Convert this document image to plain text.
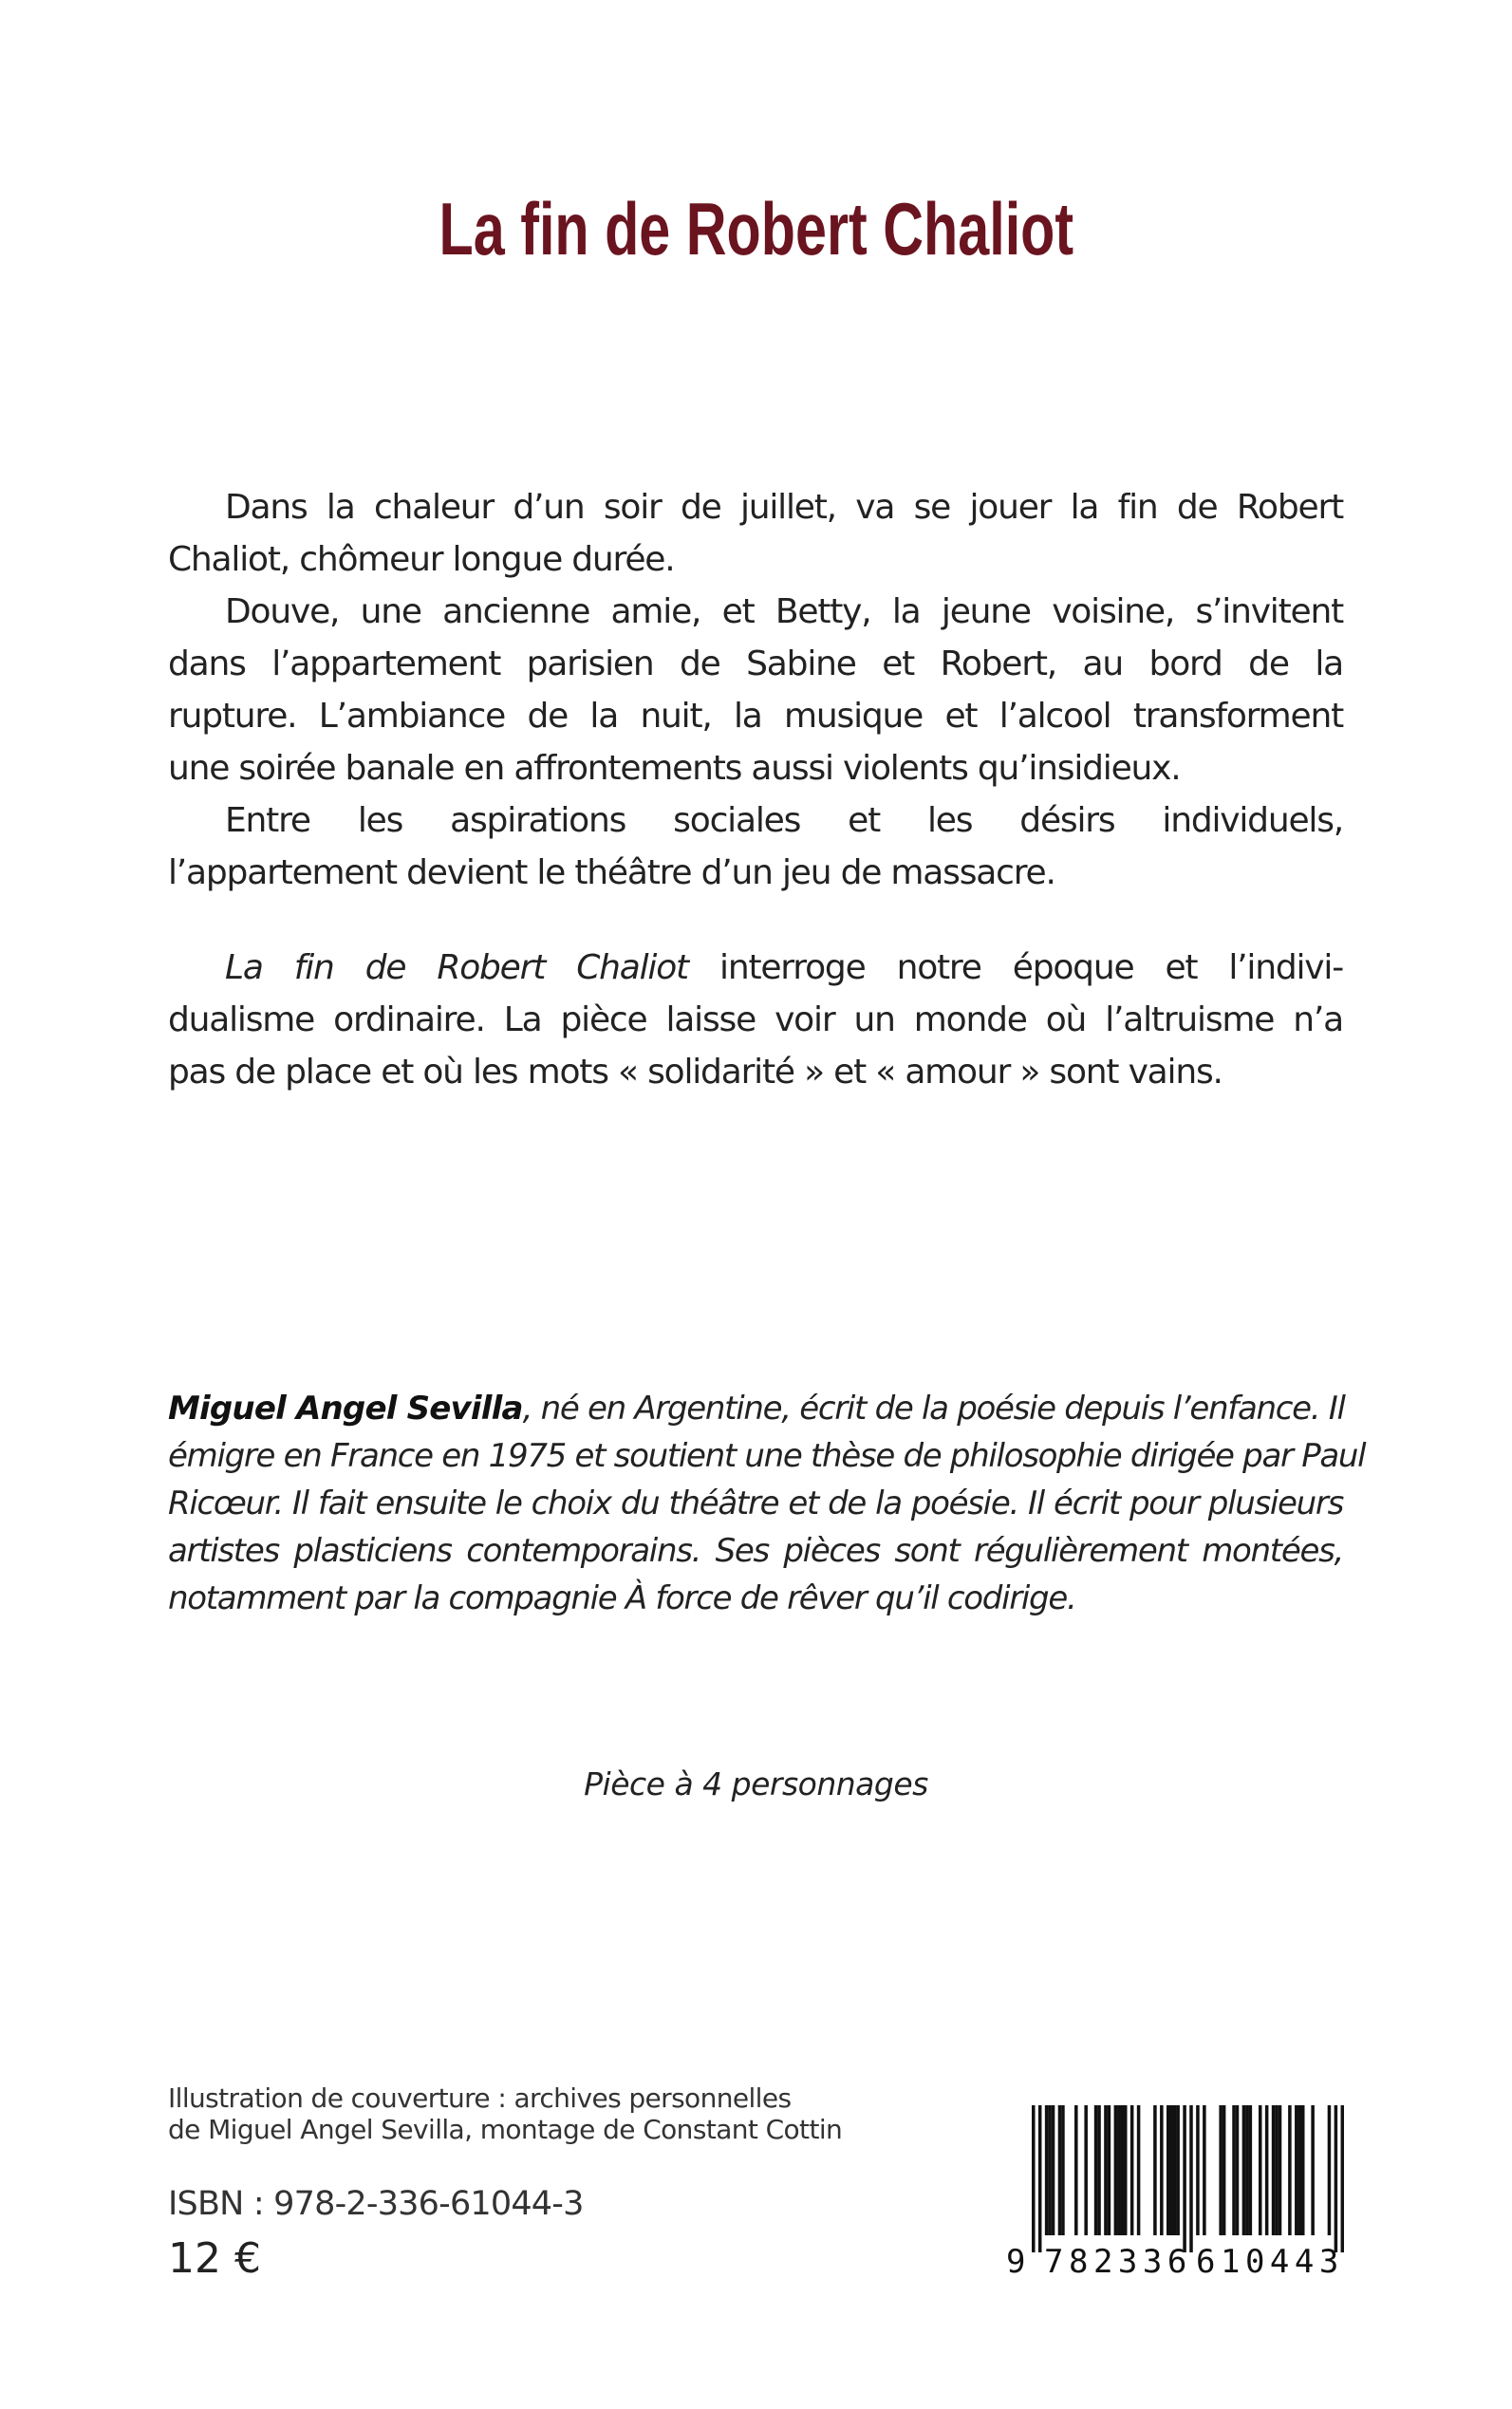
La fin de Robert Chaliot
Dans la chaleur d’un soir de juillet, va se jouer la fin de Robert
Chaliot, chômeur longue durée.
Douve, une ancienne amie, et Betty, la jeune voisine, s’invitent
dans l’appartement parisien de Sabine et Robert, au bord de la
rupture. L’ambiance de la nuit, la musique et l’alcool transforment
une soirée banale en affrontements aussi violents qu’insidieux.
Entre les aspirations sociales et les désirs individuels,
l’appartement devient le théâtre d’un jeu de massacre.
La fin de Robert Chaliot interroge notre époque et l’indivi-
dualisme ordinaire. La pièce laisse voir un monde où l’altruisme n’a
pas de place et où les mots « solidarité » et « amour » sont vains.
Miguel Angel Sevilla, né en Argentine, écrit de la poésie depuis l’enfance. Il
émigre en France en 1975 et soutient une thèse de philosophie dirigée par Paul
Ricœur. Il fait ensuite le choix du théâtre et de la poésie. Il écrit pour plusieurs
artistes plasticiens contemporains. Ses pièces sont régulièrement montées,
notamment par la compagnie À force de rêver qu’il codirige.
Pièce à 4 personnages
Illustration de couverture : archives personnelles
de Miguel Angel Sevilla, montage de Constant Cottin
ISBN : 978-2-336-61044-3
12 €	9 782336 610443
